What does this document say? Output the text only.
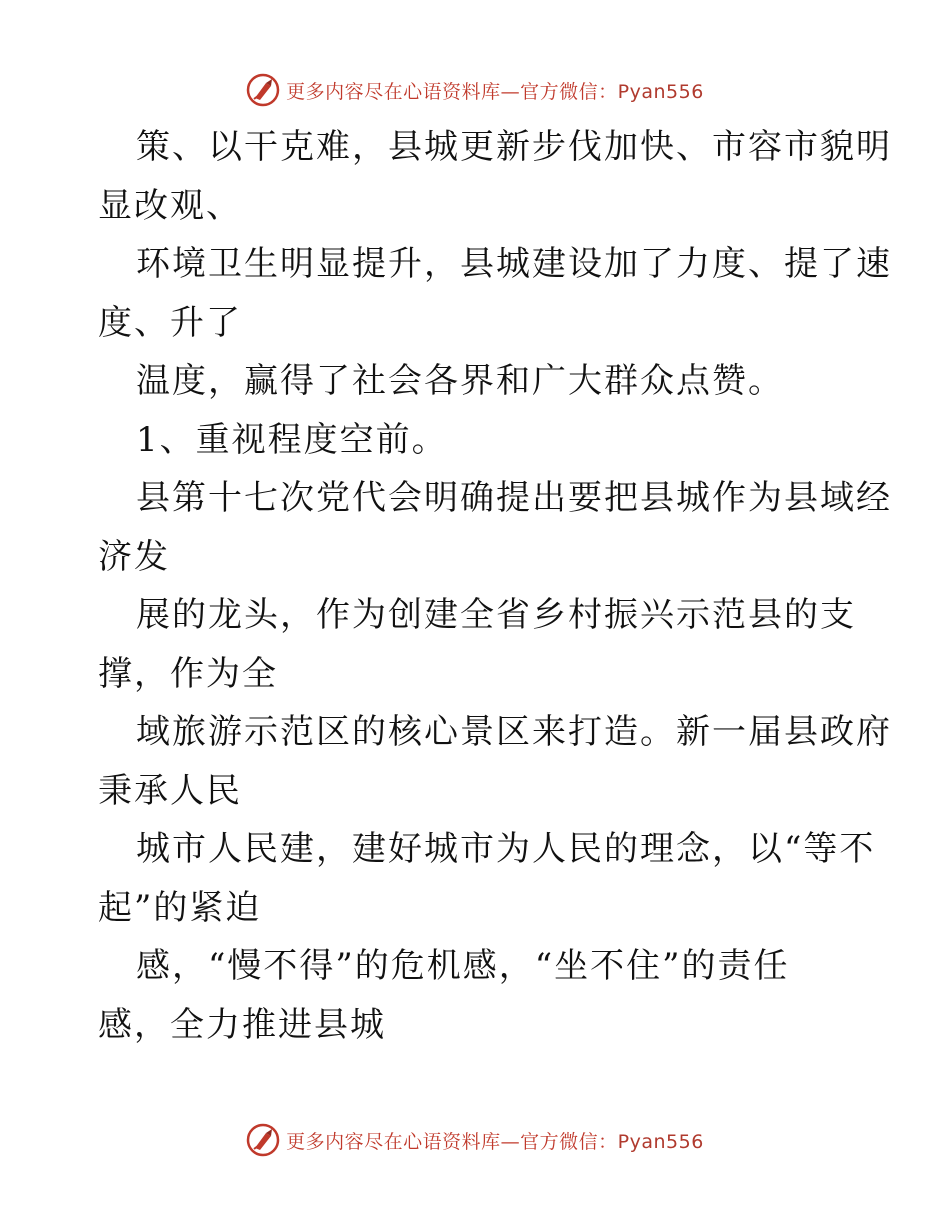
更多内容尽在心语资料库—官方微信：Pyan556
策、以干克难，县城更新步伐加快、市容市貌明
显改观、
环境卫生明显提升，县城建设加了力度、提了速
度、升了
温度，赢得了社会各界和广大群众点赞。
1、重视程度空前。
县第十七次党代会明确提出要把县城作为县域经
济发
展的龙头，作为创建全省乡村振兴示范县的支
撑，作为全
域旅游示范区的核心景区来打造。新一届县政府
秉承人民
城市人民建，建好城市为人民的理念，以“等不
起”的紧迫
感，“慢不得”的危机感，“坐不住”的责任
感，全力推进县城
更多内容尽在心语资料库—官方微信：Pyan556
